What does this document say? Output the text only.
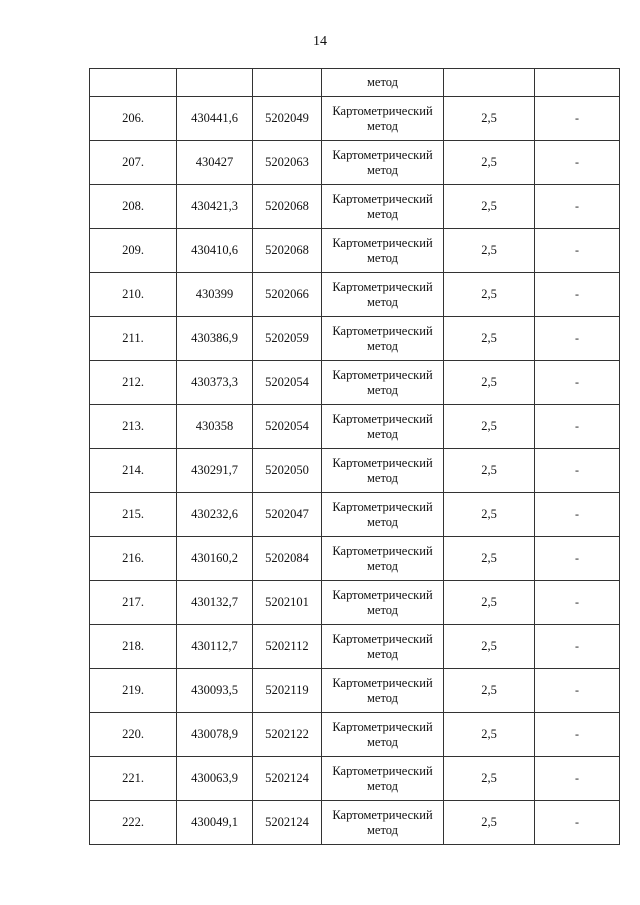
14

			метод		

206.	430441,6	5202049	Картометрический метод	2,5	-
207.	430427	5202063	Картометрический метод	2,5	-
208.	430421,3	5202068	Картометрический метод	2,5	-
209.	430410,6	5202068	Картометрический метод	2,5	-
210.	430399	5202066	Картометрический метод	2,5	-
211.	430386,9	5202059	Картометрический метод	2,5	-
212.	430373,3	5202054	Картометрический метод	2,5	-
213.	430358	5202054	Картометрический метод	2,5	-
214.	430291,7	5202050	Картометрический метод	2,5	-
215.	430232,6	5202047	Картометрический метод	2,5	-
216.	430160,2	5202084	Картометрический метод	2,5	-
217.	430132,7	5202101	Картометрический метод	2,5	-
218.	430112,7	5202112	Картометрический метод	2,5	-
219.	430093,5	5202119	Картометрический метод	2,5	-
220.	430078,9	5202122	Картометрический метод	2,5	-
221.	430063,9	5202124	Картометрический метод	2,5	-
222.	430049,1	5202124	Картометрический метод	2,5	-
